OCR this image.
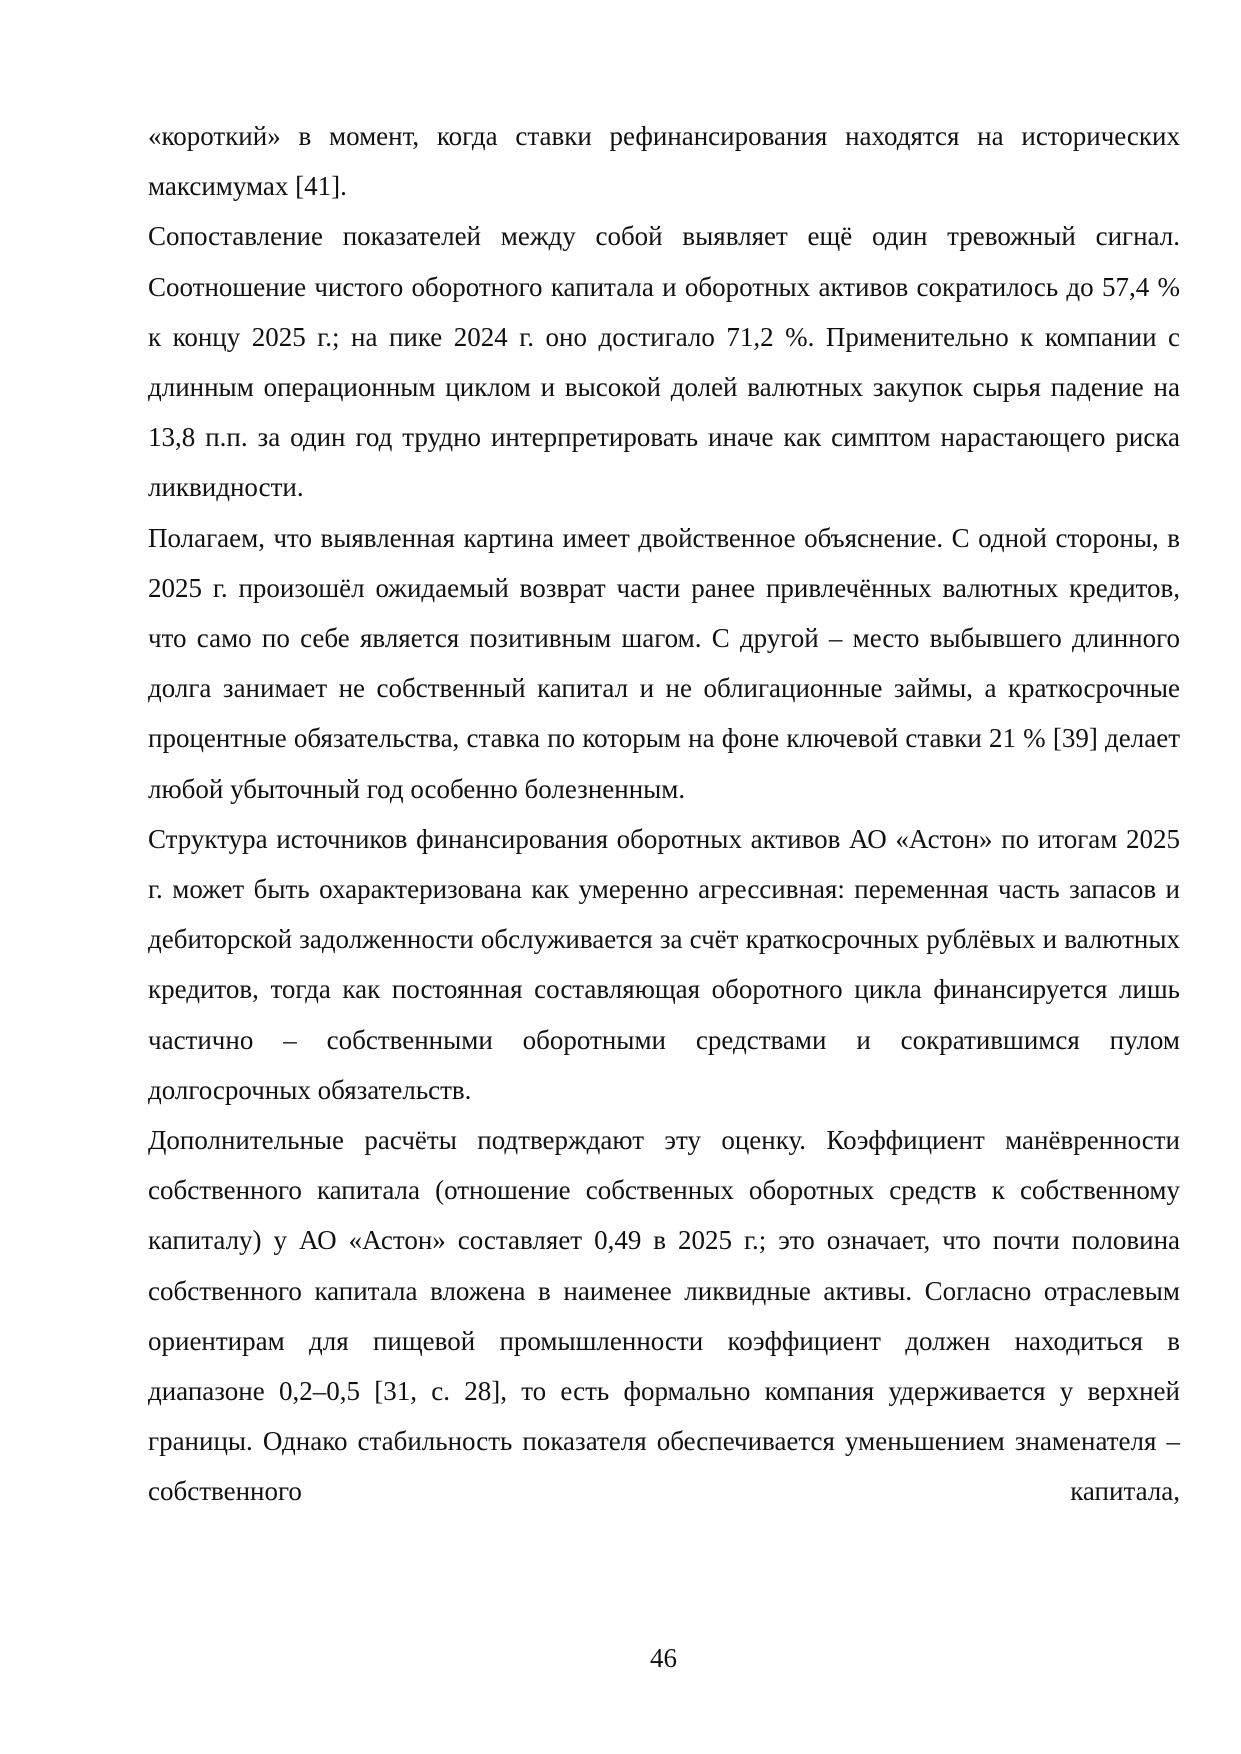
«короткий» в момент, когда ставки рефинансирования находятся на исторических максимумах [41].

Сопоставление показателей между собой выявляет ещё один тревожный сигнал. Соотношение чистого оборотного капитала и оборотных активов сократилось до 57,4 % к концу 2025 г.; на пике 2024 г. оно достигало 71,2 %. Применительно к компании с длинным операционным циклом и высокой долей валютных закупок сырья падение на 13,8 п.п. за один год трудно интерпретировать иначе как симптом нарастающего риска ликвидности.

Полагаем, что выявленная картина имеет двойственное объяснение. С одной стороны, в 2025 г. произошёл ожидаемый возврат части ранее привлечённых валютных кредитов, что само по себе является позитивным шагом. С другой – место выбывшего длинного долга занимает не собственный капитал и не облигационные займы, а краткосрочные процентные обязательства, ставка по которым на фоне ключевой ставки 21 % [39] делает любой убыточный год особенно болезненным.

Структура источников финансирования оборотных активов АО «Астон» по итогам 2025 г. может быть охарактеризована как умеренно агрессивная: переменная часть запасов и дебиторской задолженности обслуживается за счёт краткосрочных рублёвых и валютных кредитов, тогда как постоянная составляющая оборотного цикла финансируется лишь частично – собственными оборотными средствами и сократившимся пулом долгосрочных обязательств.

Дополнительные расчёты подтверждают эту оценку. Коэффициент манёвренности собственного капитала (отношение собственных оборотных средств к собственному капиталу) у АО «Астон» составляет 0,49 в 2025 г.; это означает, что почти половина собственного капитала вложена в наименее ликвидные активы. Согласно отраслевым ориентирам для пищевой промышленности коэффициент должен находиться в диапазоне 0,2–0,5 [31, с. 28], то есть формально компания удерживается у верхней границы. Однако стабильность показателя обеспечивается уменьшением знаменателя – собственного капитала,

46
